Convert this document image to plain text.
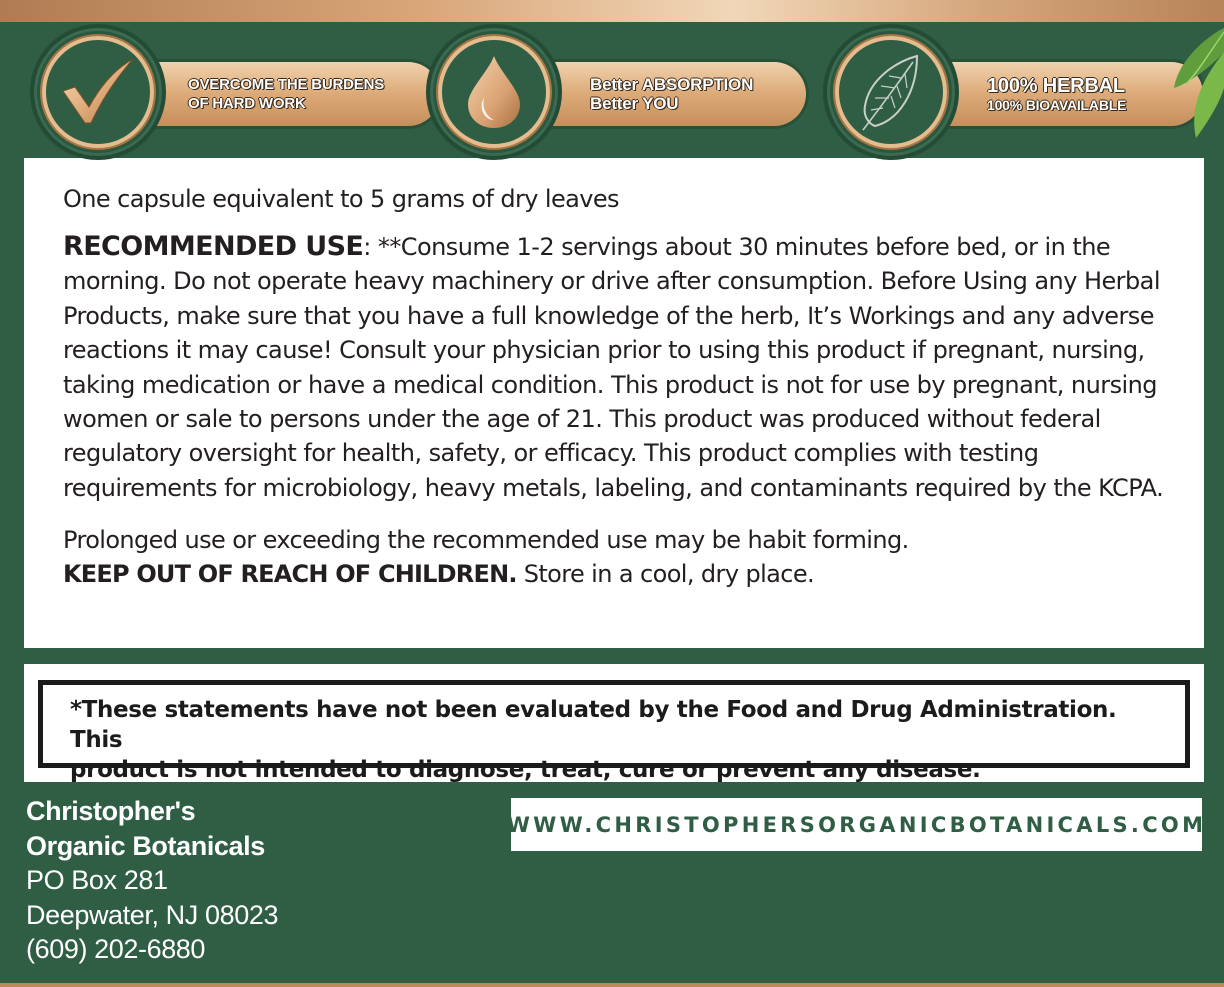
OVERCOME THE BURDENS
OF HARD WORK
Better ABSORPTION
Better YOU
100% HERBAL
100% BIOAVAILABLE

One capsule equivalent to 5 grams of dry leaves

RECOMMENDED USE: **Consume 1-2 servings about 30 minutes before bed, or in the morning. Do not operate heavy machinery or drive after consumption. Before Using any Herbal Products, make sure that you have a full knowledge of the herb, It’s Workings and any adverse reactions it may cause! Consult your physician prior to using this product if pregnant, nursing, taking medication or have a medical condition. This product is not for use by pregnant, nursing women or sale to persons under the age of 21. This product was produced without federal regulatory oversight for health, safety, or efficacy. This product complies with testing requirements for microbiology, heavy metals, labeling, and contaminants required by the KCPA.

Prolonged use or exceeding the recommended use may be habit forming.

KEEP OUT OF REACH OF CHILDREN. Store in a cool, dry place.

*These statements have not been evaluated by the Food and Drug Administration. This
product is not intended to diagnose, treat, cure or prevent any disease.
Christopher's
Organic Botanicals
PO Box 281
Deepwater, NJ 08023
(609) 202-6880
WWW.CHRISTOPHERSORGANICBOTANICALS.COM
